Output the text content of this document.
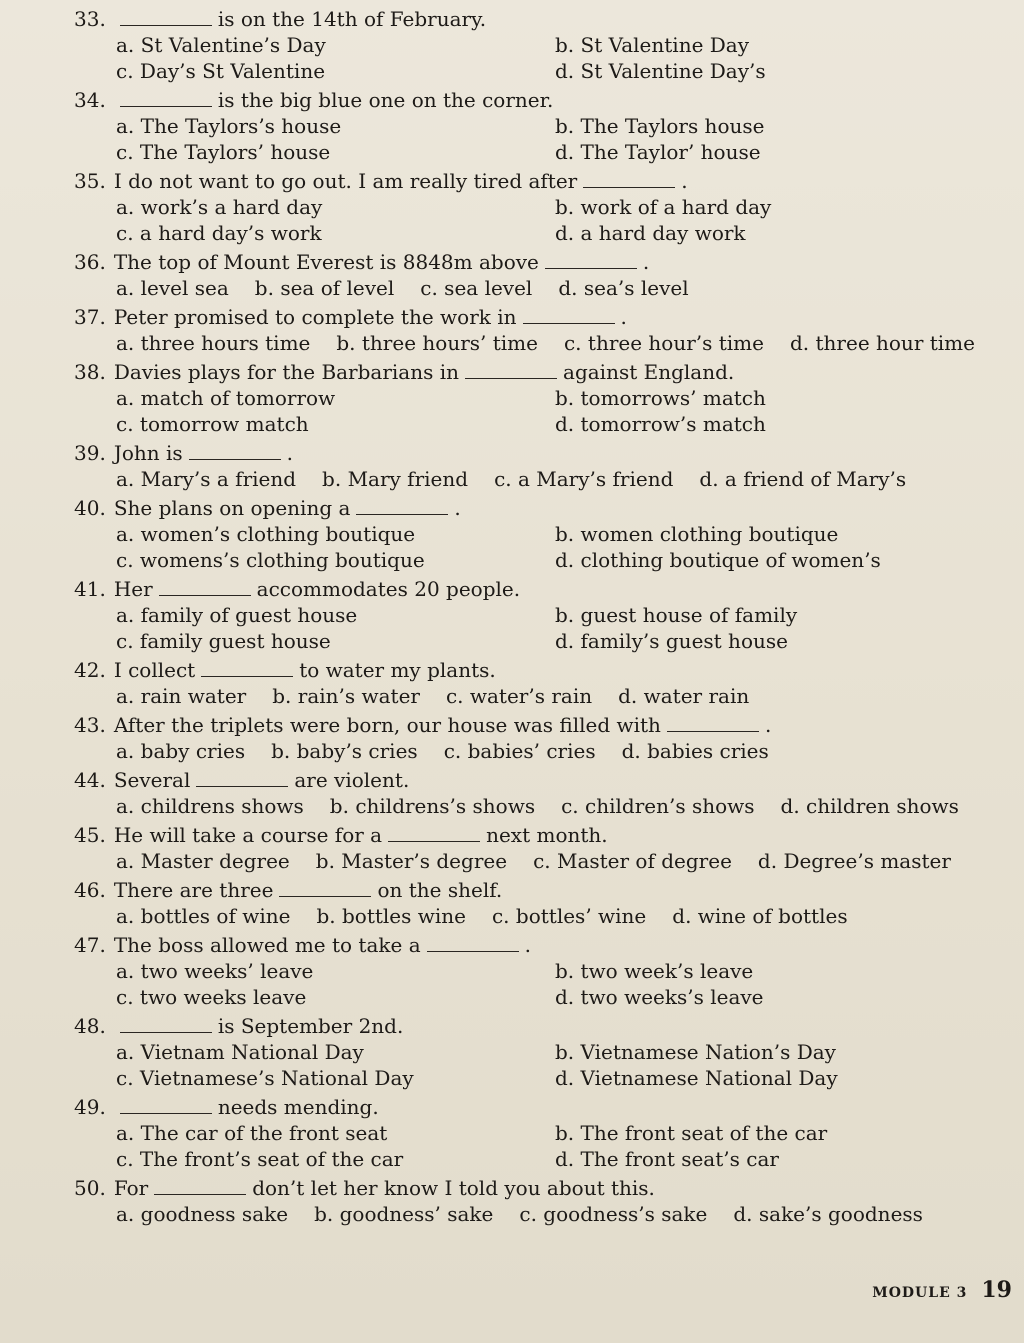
33.	is on the 14th of February.
a. St Valentine’s Day	b. St Valentine Day
c. Day’s St Valentine	d. St Valentine Day’s
34.	is the big blue one on the corner.
a. The Taylors’s house	b. The Taylors house
c. The Taylors’ house	d. The Taylor’ house
35. I do not want to go out. I am really tired after	.
a. work’s a hard day	b. work of a hard day
c. a hard day’s work	d. a hard day work
36. The top of Mount Everest is 8848m above	.
a. level sea b. sea of level c. sea level d. sea’s level
37. Peter promised to complete the work in	.
a. three hours time b. three hours’ time c. three hour’s time d. three hour time
38. Davies plays for the Barbarians in	against England.
a. match of tomorrow	b. tomorrows’ match
c. tomorrow match	d. tomorrow’s match
39. John is	.
a. Mary’s a friend b. Mary friend c. a Mary’s friend d. a friend of Mary’s
40. She plans on opening a	.
a. women’s clothing boutique	b. women clothing boutique
c. womens’s clothing boutique	d. clothing boutique of women’s
41. Her	accommodates 20 people.
a. family of guest house	b. guest house of family
c. family guest house	d. family’s guest house
42. I collect	to water my plants.
a. rain water b. rain’s water c. water’s rain d. water rain
43. After the triplets were born, our house was filled with	.
a. baby cries b. baby’s cries c. babies’ cries d. babies cries
44. Several	are violent.
a. childrens shows b. childrens’s shows c. children’s shows d. children shows
45. He will take a course for a	next month.
a. Master degree b. Master’s degree c. Master of degree d. Degree’s master
46. There are three	on the shelf.
a. bottles of wine b. bottles wine c. bottles’ wine d. wine of bottles
47. The boss allowed me to take a	.
a. two weeks’ leave	b. two week’s leave
c. two weeks leave	d. two weeks’s leave
48.	is September 2nd.
a. Vietnam National Day	b. Vietnamese Nation’s Day
c. Vietnamese’s National Day	d. Vietnamese National Day
49.	needs mending.
a. The car of the front seat	b. The front seat of the car
c. The front’s seat of the car	d. The front seat’s car
50. For	don’t let her know I told you about this.
a. goodness sake b. goodness’ sake c. goodness’s sake d. sake’s goodness
MODULE 3 19
